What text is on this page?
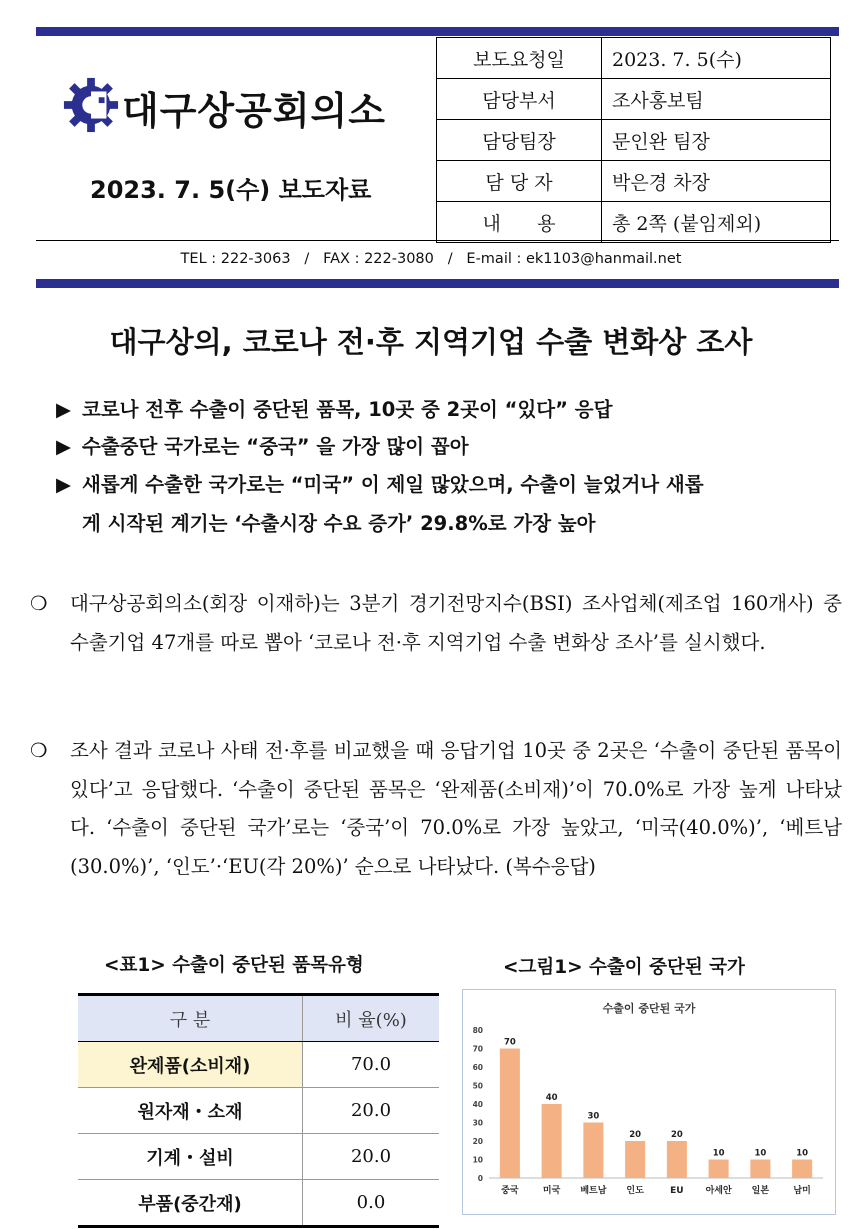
대구상공회의소
2023. 7. 5(수) 보도자료
보도요청일	2023. 7. 5(수)
담당부서	조사홍보팀
담당팀장	문인완 팀장
담 당 자	박은경 차장
내      용	총 2쪽 (붙임제외)
TEL : 222-3063   /   FAX : 222-3080   /   E-mail : ek1103@hanmail.net
대구상의, 코로나 전·후 지역기업 수출 변화상 조사
▶ 코로나 전후 수출이 중단된 품목, 10곳 중 2곳이 “있다” 응답
▶ 수출중단 국가로는 “중국” 을 가장 많이 꼽아
▶ 새롭게 수출한 국가로는 “미국” 이 제일 많았으며, 수출이 늘었거나 새롭
게 시작된 계기는 ‘수출시장 수요 증가’ 29.8%로 가장 높아
❍ 대구상공회의소(회장 이재하)는 3분기 경기전망지수(BSI) 조사업체(제조업 160개사) 중 수출기업 47개를 따로 뽑아 ‘코로나 전·후 지역기업 수출 변화상 조사’를 실시했다.
❍ 조사 결과 코로나 사태 전·후를 비교했을 때 응답기업 10곳 중 2곳은 ‘수출이 중단된 품목이 있다’고 응답했다. ‘수출이 중단된 품목은 ‘완제품(소비재)’이 70.0%로 가장 높게 나타났다. ‘수출이 중단된 국가’로는 ‘중국’이 70.0%로 가장 높았고, ‘미국(40.0%)’, ‘베트남(30.0%)’, ‘인도’·‘EU(각 20%)’ 순으로 나타났다. (복수응답)
<표1> 수출이 중단된 품목유형	<그림1> 수출이 중단된 국가
구 분	비 율(%)
완제품(소비재)	70.0
원자재・소재	20.0
기계・설비	20.0
부품(중간재)	0.0
수출이 중단된 국가
0
10
20
30
40
50
60
70
80
70
중국
40
미국
30
베트남
20
인도
20
EU
10
아세안
10
일본
10
남미
